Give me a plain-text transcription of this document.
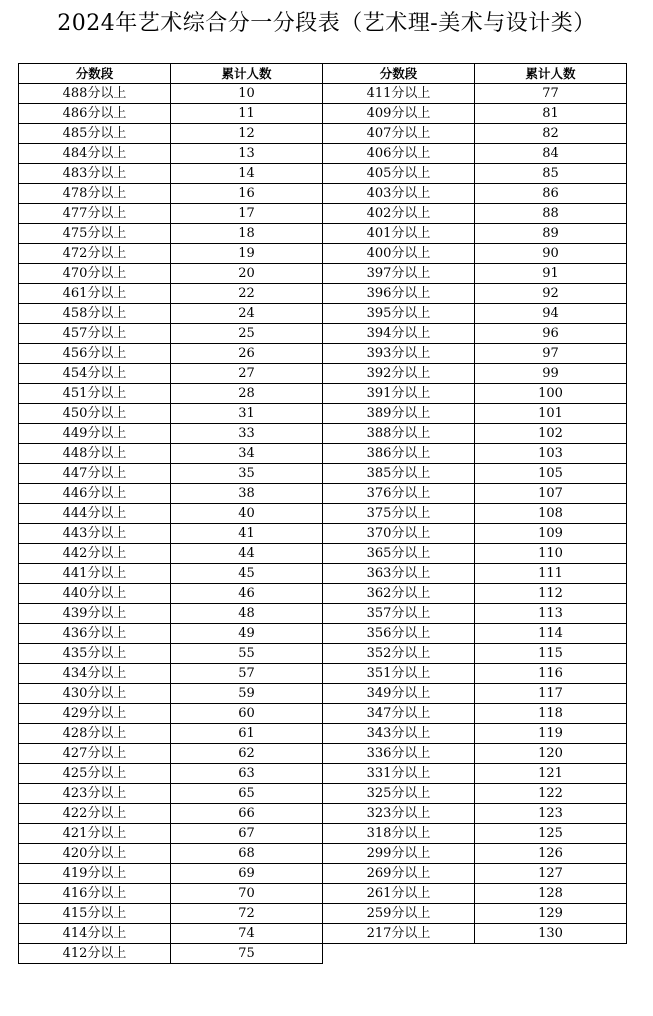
2024年艺术综合分一分段表（艺术理-美术与设计类）
分数段	累计人数
488分以上	10
486分以上	11
485分以上	12
484分以上	13
483分以上	14
478分以上	16
477分以上	17
475分以上	18
472分以上	19
470分以上	20
461分以上	22
458分以上	24
457分以上	25
456分以上	26
454分以上	27
451分以上	28
450分以上	31
449分以上	33
448分以上	34
447分以上	35
446分以上	38
444分以上	40
443分以上	41
442分以上	44
441分以上	45
440分以上	46
439分以上	48
436分以上	49
435分以上	55
434分以上	57
430分以上	59
429分以上	60
428分以上	61
427分以上	62
425分以上	63
423分以上	65
422分以上	66
421分以上	67
420分以上	68
419分以上	69
416分以上	70
415分以上	72
414分以上	74
412分以上	75
分数段	累计人数
411分以上	77
409分以上	81
407分以上	82
406分以上	84
405分以上	85
403分以上	86
402分以上	88
401分以上	89
400分以上	90
397分以上	91
396分以上	92
395分以上	94
394分以上	96
393分以上	97
392分以上	99
391分以上	100
389分以上	101
388分以上	102
386分以上	103
385分以上	105
376分以上	107
375分以上	108
370分以上	109
365分以上	110
363分以上	111
362分以上	112
357分以上	113
356分以上	114
352分以上	115
351分以上	116
349分以上	117
347分以上	118
343分以上	119
336分以上	120
331分以上	121
325分以上	122
323分以上	123
318分以上	125
299分以上	126
269分以上	127
261分以上	128
259分以上	129
217分以上	130
